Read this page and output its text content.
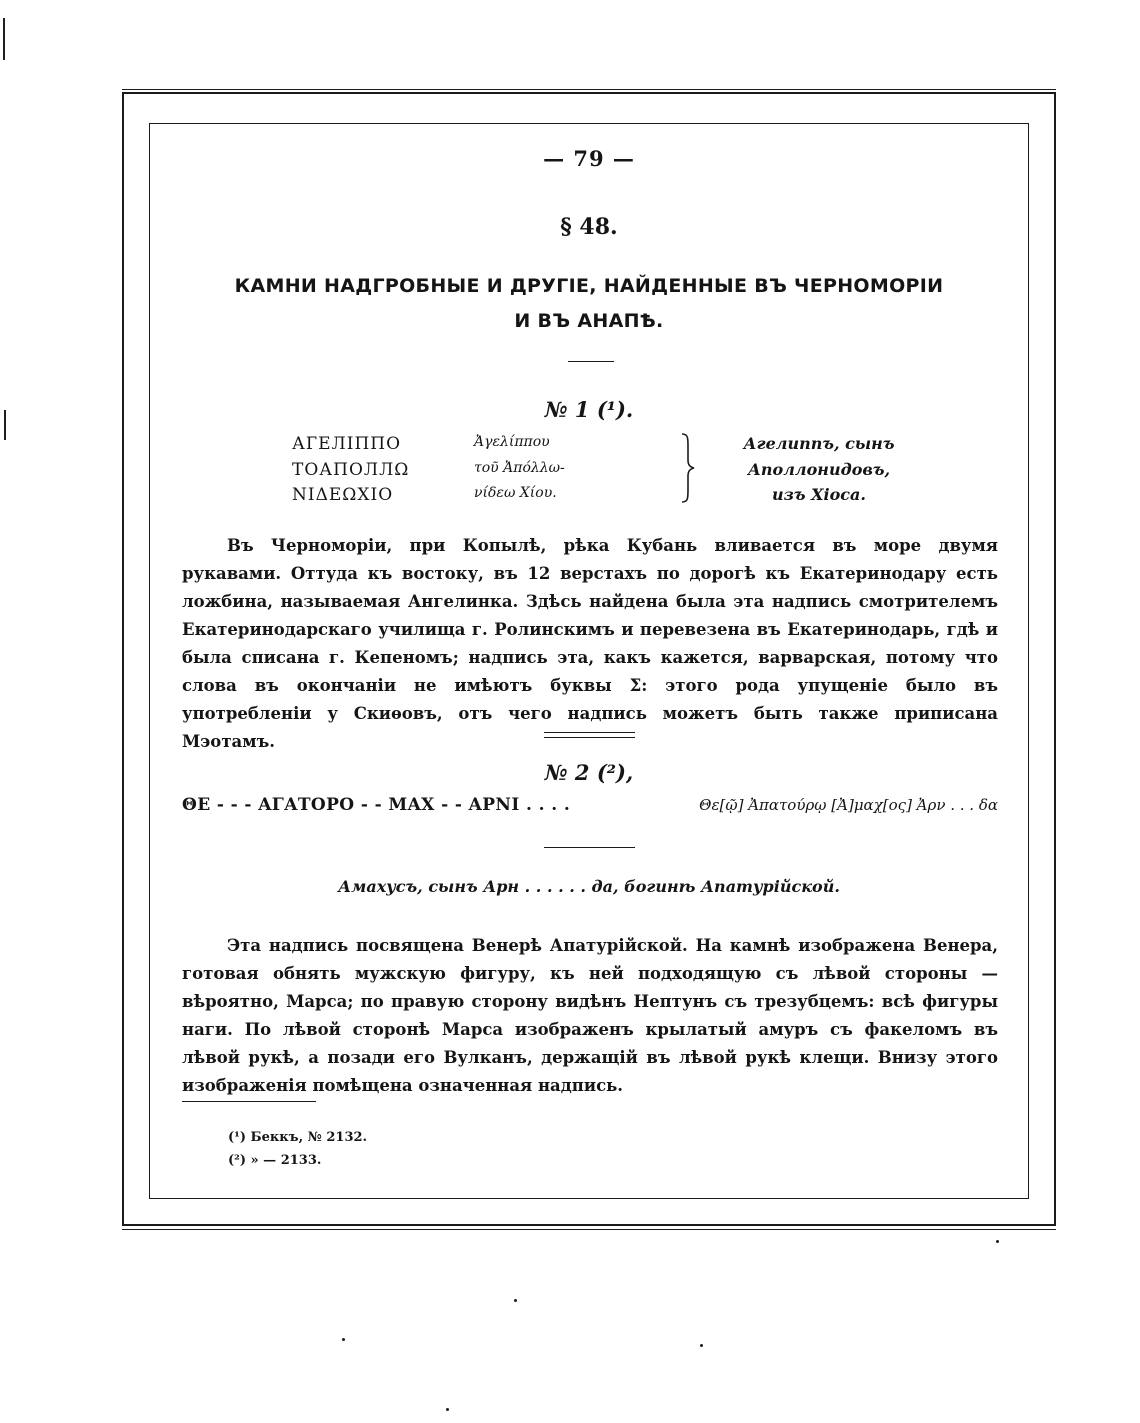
— 79 —
§ 48.
КАМНИ НАДГРОБНЫЕ И ДРУГІЕ, НАЙДЕННЫЕ ВЪ ЧЕРНОМОРІИ
И ВЪ АНАПѢ.
№ 1 (¹).
АГЕЛІППО
ТОАПОЛЛΩ
ΝΙΔΕΩΧΙΟ
Ἀγελίππου
τοῦ Ἀπόλλω-
νίδεω Χίου.
Агелиппъ, сынъ
Аполлонидовъ,
изъ Хіоса.

Въ Черноморіи, при Копылѣ, рѣка Кубань вливается въ море двумя рукавами. Оттуда къ востоку, въ 12 верстахъ по дорогѣ къ Екатеринодару есть ложбина, называемая Ангелинка. Здѣсь найдена была эта надпись смотрителемъ Екатеринодарскаго училища г. Ролинскимъ и перевезена въ Екатеринодарь, гдѣ и была списана г. Кепеномъ; надпись эта, какъ кажется, варварская, потому что слова въ окончаніи не имѣютъ буквы Σ: этого рода упущеніе было въ употребленіи у Скиѳовъ, отъ чего надпись можетъ быть также приписана Мэотамъ.

№ 2 (²),
ΘΕ - - - ΑΓΑΤΟΡΟ - - ΜΑΧ - - ΑΡΝΙ . . . .	Θε[ῷ] Ἀπατούρῳ [Ἀ]μαχ[ος] Ἀρν . . . δα
Амахусъ, сынъ Арн . . . . . . да, богинѣ Апатурійской.

Эта надпись посвящена Венерѣ Апатурійской. На камнѣ изображена Венера, готовая обнять мужскую фигуру, къ ней подходящую съ лѣвой стороны — вѣроятно, Марса; по правую сторону видѣнъ Нептунъ съ трезубцемъ: всѣ фигуры наги. По лѣвой сторонѣ Марса изображенъ крылатый амуръ съ факеломъ въ лѣвой рукѣ, а позади его Вулканъ, держащій въ лѣвой рукѣ клещи. Внизу этого изображенія помѣщена означенная надпись.

(¹) Беккъ, № 2132.
(²) » — 2133.
